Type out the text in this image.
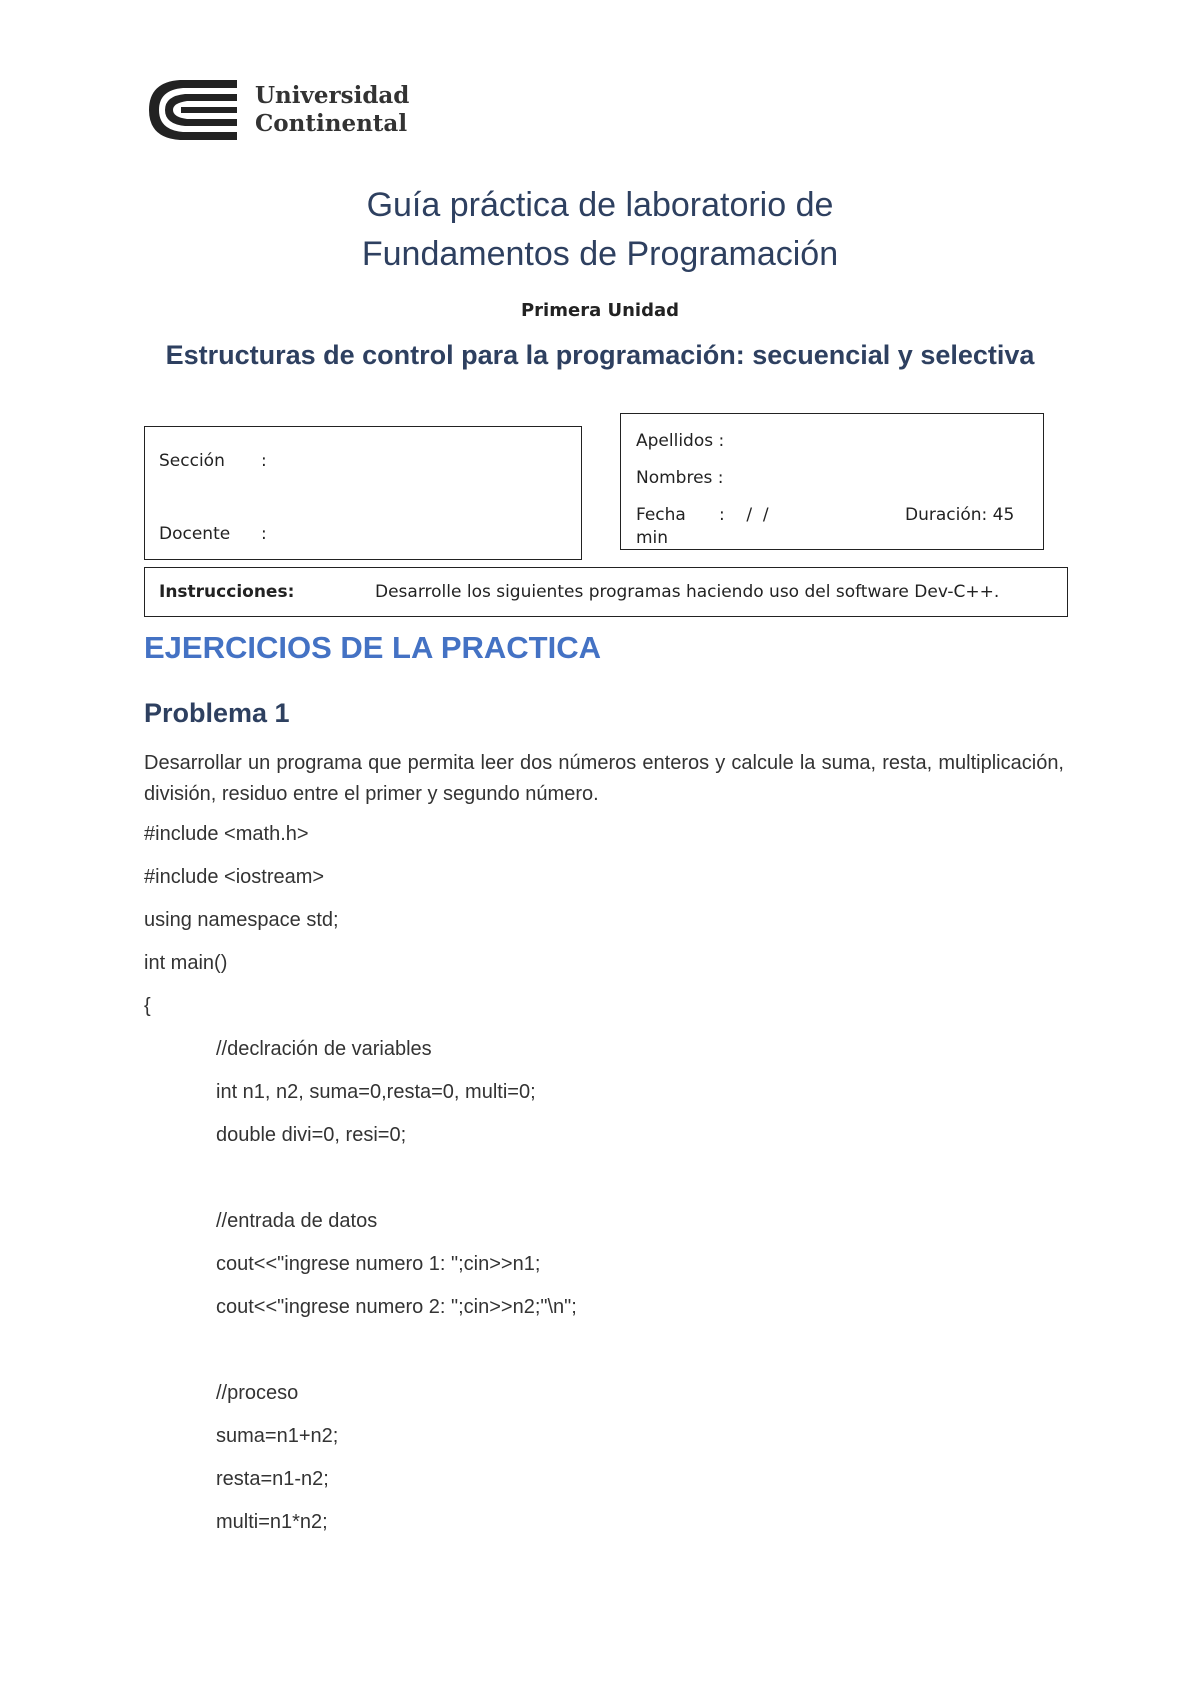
Universidad
Continental
Guía práctica de laboratorio de
Fundamentos de Programación
Primera Unidad
Estructuras de control para la programación: secuencial y selectiva
Sección :
Docente :
Apellidos :
Nombres :
Fecha :    /  /	Duración: 45
min
Instrucciones:	Desarrolle los siguientes programas haciendo uso del software Dev-C++.
EJERCICIOS DE LA PRACTICA
Problema 1
Desarrollar un programa que permita leer dos números enteros y calcule la suma, resta, multiplicación, división, residuo entre el primer y segundo número.
#include <math.h>
#include <iostream>
using namespace std;
int main()
{
//declración de variables
int n1, n2, suma=0,resta=0, multi=0;
double divi=0, resi=0;
//entrada de datos
cout<<"ingrese numero 1: ";cin>>n1;
cout<<"ingrese numero 2: ";cin>>n2;"\n";
//proceso
suma=n1+n2;
resta=n1-n2;
multi=n1*n2;
